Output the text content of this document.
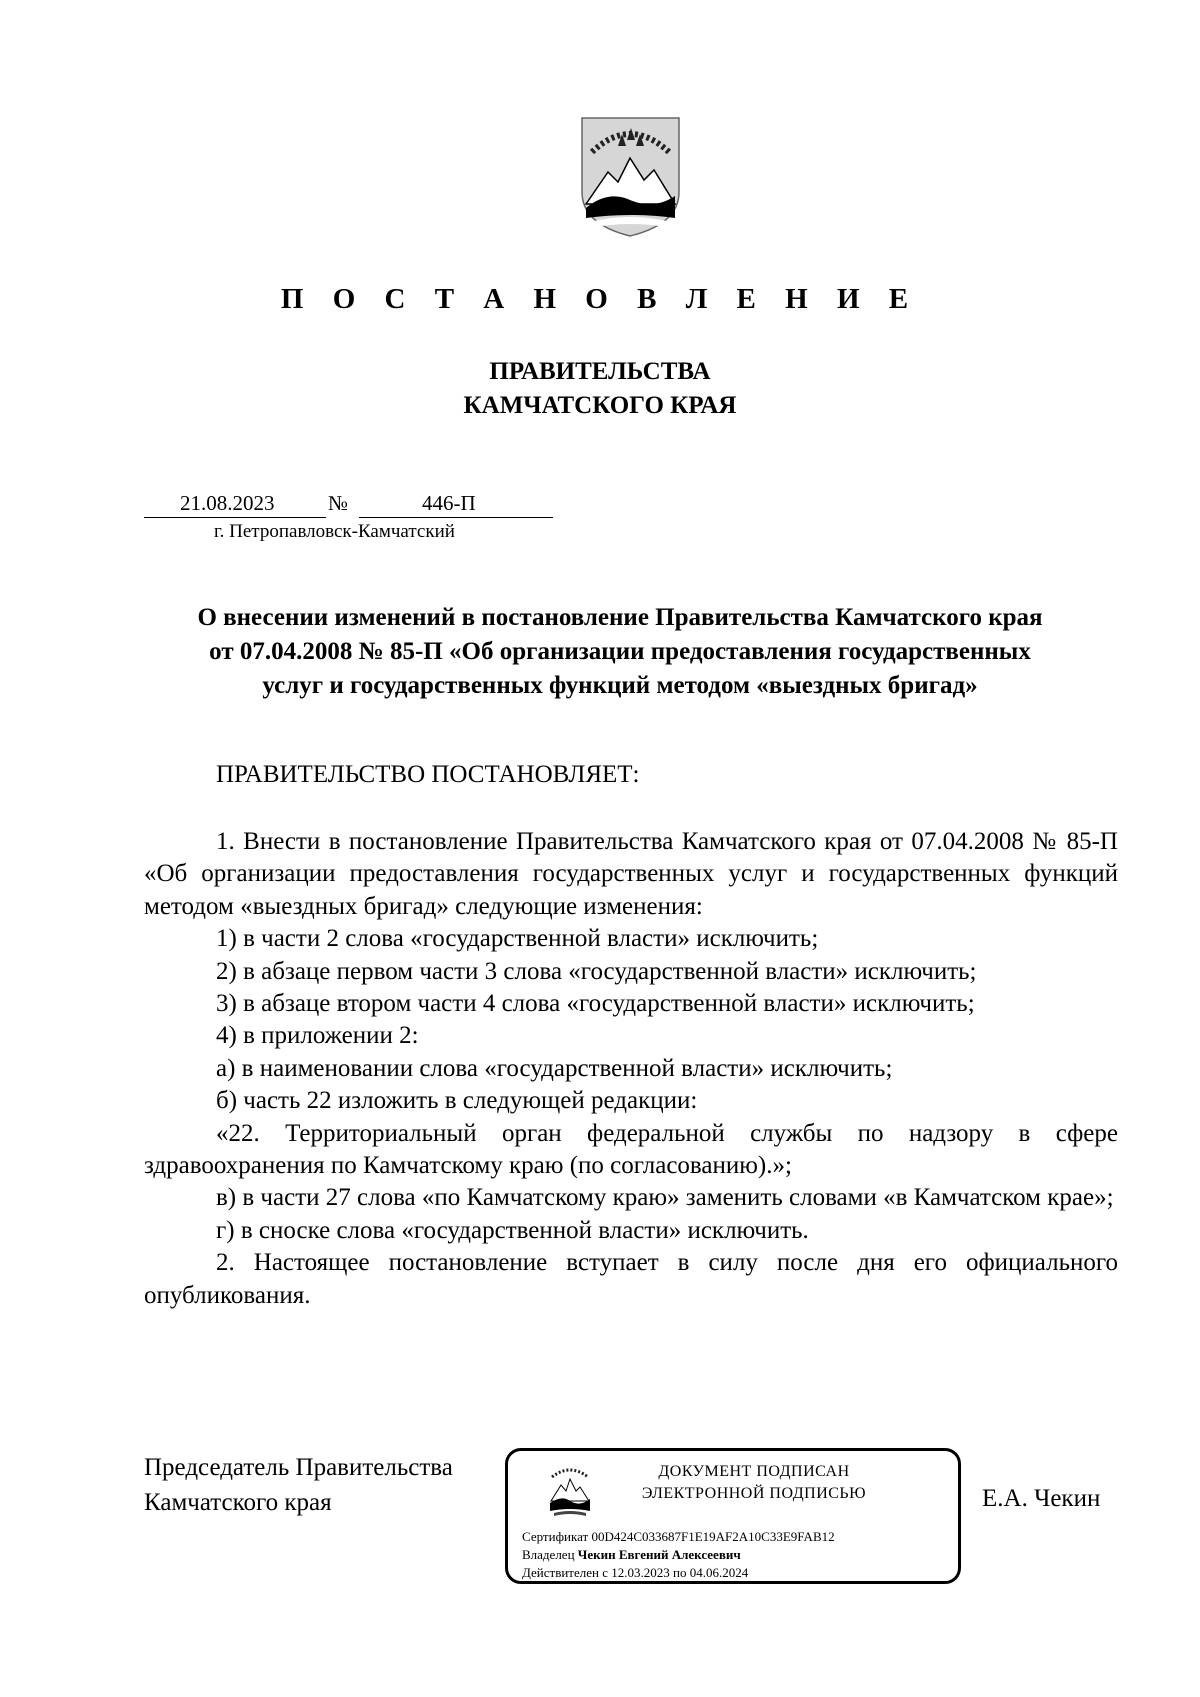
П О С Т А Н О В Л Е Н И Е
ПРАВИТЕЛЬСТВА
КАМЧАТСКОГО КРАЯ
21.08.2023	№	446-П
г. Петропавловск-Камчатский
О внесении изменений в постановление Правительства Камчатского края
от 07.04.2008 № 85-П «Об организации предоставления государственных
услуг и государственных функций методом «выездных бригад»
ПРАВИТЕЛЬСТВО ПОСТАНОВЛЯЕТ:

1. Внести в постановление Правительства Камчатского края от 07.04.2008 № 85-П «Об организации предоставления государственных услуг и государственных функций методом «выездных бригад» следующие изменения:

1) в части 2 слова «государственной власти» исключить;

2) в абзаце первом части 3 слова «государственной власти» исключить;

3) в абзаце втором части 4 слова «государственной власти» исключить;

4) в приложении 2:

а) в наименовании слова «государственной власти» исключить;

б) часть 22 изложить в следующей редакции:

«22. Территориальный орган федеральной службы по надзору в сфере здравоохранения по Камчатскому краю (по согласованию).»;

в) в части 27 слова «по Камчатскому краю» заменить словами «в Камчатском крае»;

г) в сноске слова «государственной власти» исключить.

2. Настоящее постановление вступает в силу после дня его официального опубликования.

Председатель Правительства
Камчатского края
ДОКУМЕНТ ПОДПИСАН
ЭЛЕКТРОННОЙ ПОДПИСЬЮ
Сертификат 00D424C033687F1E19AF2A10C33E9FAB12
Владелец Чекин Евгений Алексеевич
Действителен с 12.03.2023 по 04.06.2024
Е.А. Чекин
